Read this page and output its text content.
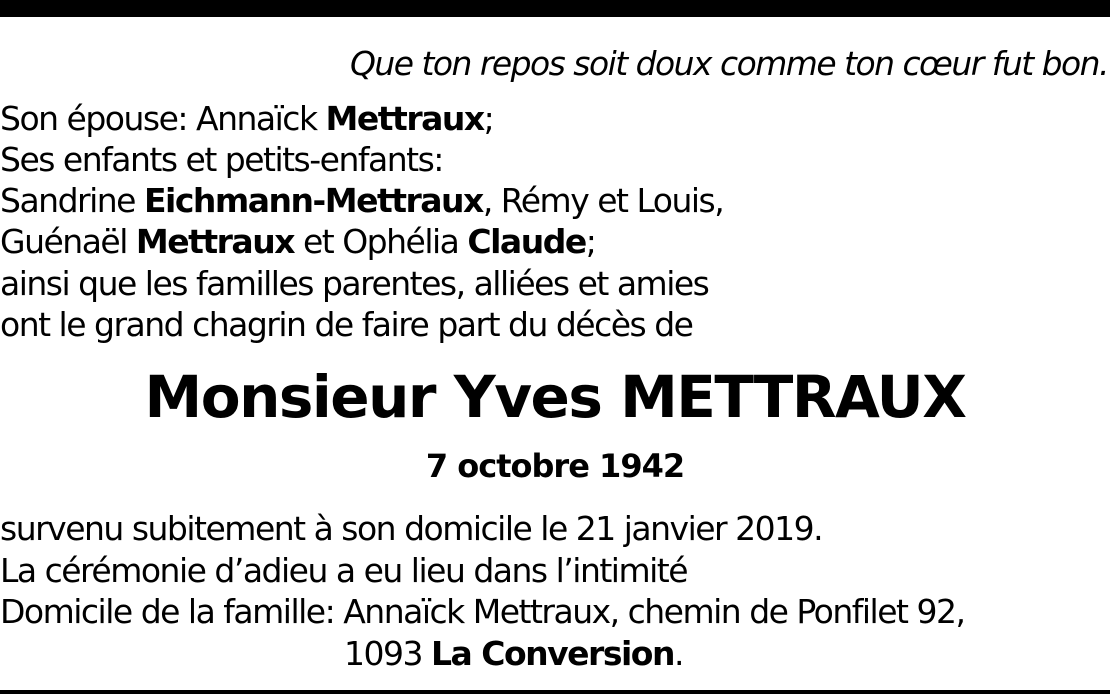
Que ton repos soit doux comme ton cœur fut bon.
Son épouse: Annaïck Mettraux;
Ses enfants et petits-enfants:
Sandrine Eichmann-Mettraux, Rémy et Louis,
Guénaël Mettraux et Ophélia Claude;
ainsi que les familles parentes, alliées et amies
ont le grand chagrin de faire part du décès de
Monsieur Yves METTRAUX
7 octobre 1942
survenu subitement à son domicile le 21 janvier 2019.
La cérémonie d’adieu a eu lieu dans l’intimité
Domicile de la famille: Annaïck Mettraux, chemin de Ponfilet 92,
1093 La Conversion.
